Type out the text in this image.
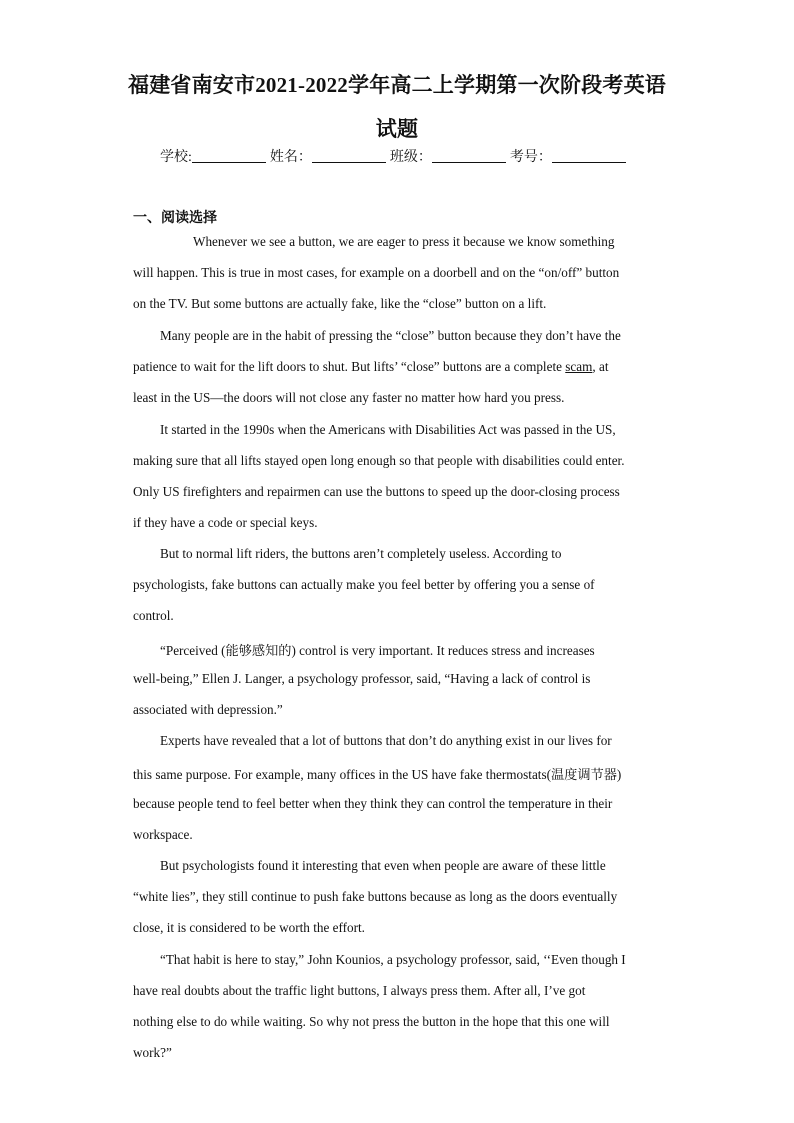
福建省南安市2021-2022学年高二上学期第一次阶段考英语
试题
学校:	姓名：	班级：	考号：
一、阅读选择
Whenever we see a button, we are eager to press it because we know something
will happen. This is true in most cases, for example on a doorbell and on the “on/off” button
on the TV. But some buttons are actually fake, like the “close” button on a lift.
Many people are in the habit of pressing the “close” button because they don’t have the
patience to wait for the lift doors to shut. But lifts’ “close” buttons are a complete scam, at
least in the US—the doors will not close any faster no matter how hard you press.
It started in the 1990s when the Americans with Disabilities Act was passed in the US,
making sure that all lifts stayed open long enough so that people with disabilities could enter.
Only US firefighters and repairmen can use the buttons to speed up the door-closing process
if they have a code or special keys.
But to normal lift riders, the buttons aren’t completely useless. According to
psychologists, fake buttons can actually make you feel better by offering you a sense of
control.
“Perceived (能够感知的) control is very important. It reduces stress and increases
well-being,” Ellen J. Langer, a psychology professor, said, “Having a lack of control is
associated with depression.”
Experts have revealed that a lot of buttons that don’t do anything exist in our lives for
this same purpose. For example, many offices in the US have fake thermostats(温度调节器)
because people tend to feel better when they think they can control the temperature in their
workspace.
But psychologists found it interesting that even when people are aware of these little
“white lies”, they still continue to push fake buttons because as long as the doors eventually
close, it is considered to be worth the effort.
“That habit is here to stay,” John Kounios, a psychology professor, said, ‘‘Even though I
have real doubts about the traffic light buttons, I always press them. After all, I’ve got
nothing else to do while waiting. So why not press the button in the hope that this one will
work?”
